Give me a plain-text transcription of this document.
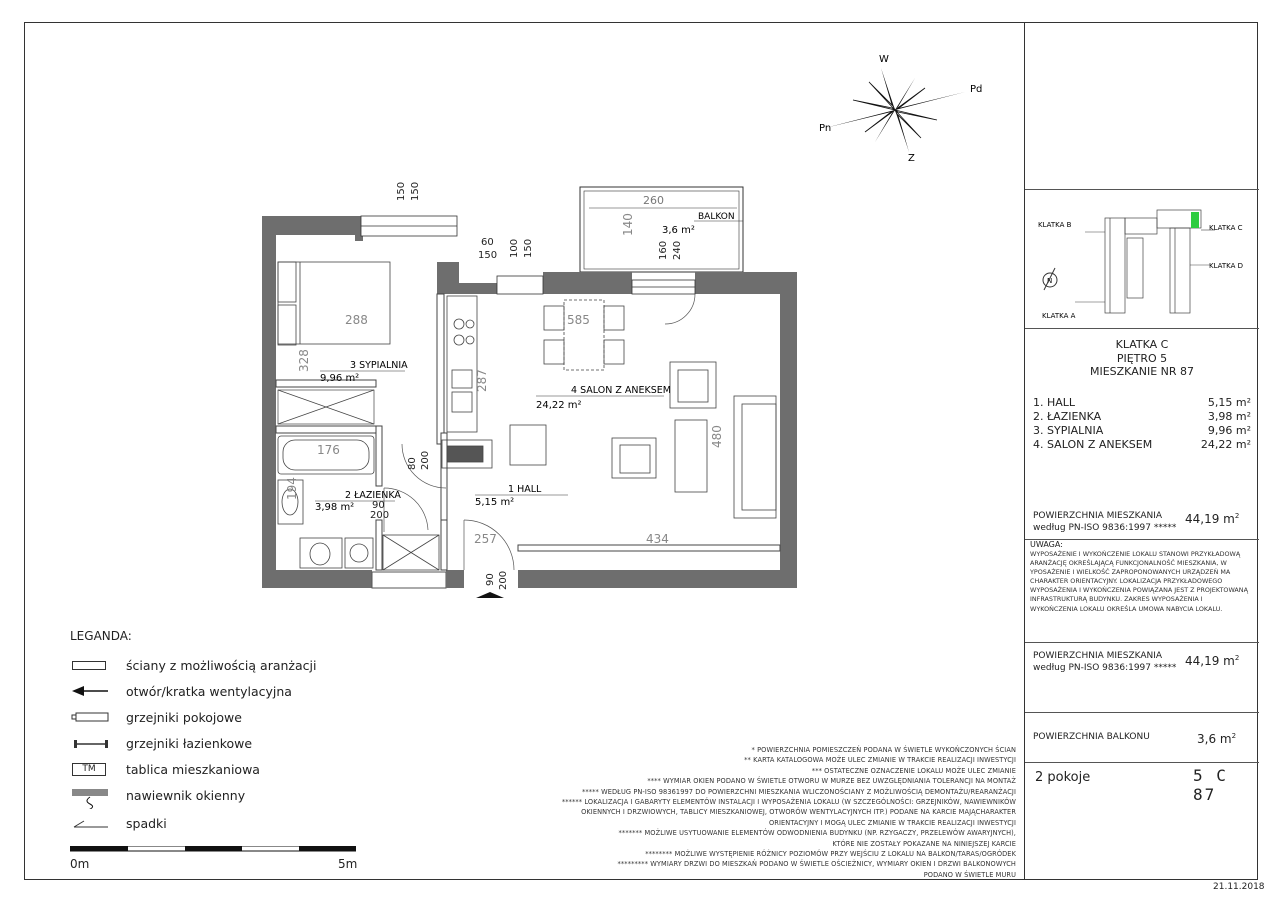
W
Pd
Pn
Z
BALKON
3,6 m²
260
3 SYPIALNIA
9,96 m²
2 ŁAZIENKA
3,98 m²
1 HALL
5,15 m²
4 SALON Z ANEKSEM
24,22 m²
60
150
150 150
100 150	160 240
80 200
90
200
90 200
140
288
328
585
287
480
176
194
257	434
KLATKA B	KLATKA C
KLATKA D
KLATKA A
N
KLATKA C
PIĘTRO 5
MIESZKANIE NR 87
1. HALL	5,15 m²
2. ŁAZIENKA	3,98 m²
3. SYPIALNIA	9,96 m²
4. SALON Z ANEKSEM	24,22 m²
POWIERZCHNIA MIESZKANIA
według PN-ISO 9836:1997 *****
44,19 $m^2$
POWIERZCHNIA MIESZKANIA
według PN-ISO 9836:1997 ***** 44,19 $m^2$
POWIERZCHNIA BALKONU	3,6 $m^2$
2 pokoje	5 C 87
UWAGA:
WYPOSAŻENIE I WYKOŃCZENIE LOKALU STANOWI PRZYKŁADOWĄ ARANŻACJĘ OKREŚLAJĄCĄ FUNKCJONALNOŚĆ MIESZKANIA, W YPOSAŻENIE I WIELKOŚĆ ZAPROPONOWANYCH URZĄDZEŃ MA CHARAKTER ORIENTACYJNY. LOKALIZACJA PRZYKŁADOWEGO WYPOSAŻENIA I WYKOŃCZENIA POWIĄZANA JEST Z PROJEKTOWANĄ INFRASTRUKTURĄ BUDYNKU. ZAKRES WYPOSAŻENIA I WYKOŃCZENIA LOKALU OKREŚLA UMOWA NABYCIA LOKALU.
21.11.2018
LEGANDA:
ściany z możliwością aranżacji
otwór/kratka wentylacyjna
grzejniki pokojowe
grzejniki łazienkowe
TM	tablica mieszkaniowa
nawiewnik okienny
spadki
0m	5m
* POWIERZCHNIA POMIESZCZEŃ PODANA W ŚWIETLE WYKOŃCZONYCH ŚCIAN
** KARTA KATALOGOWA MOŻE ULEC ZMIANIE W TRAKCIE REALIZACJI INWESTYCJI
*** OSTATECZNE OZNACZENIE LOKALU MOŻE ULEC ZMIANIE
**** WYMIAR OKIEN PODANO W ŚWIETLE OTWORU W MURZE BEZ UWZGLĘDNIANIA TOLERANCJI NA MONTAŻ
***** WEDŁUG PN-ISO 98361997 DO POWIERZCHNI MIESZKANIA WLICZONOŚCIANY Z MOŻLIWOŚCIĄ DEMONTAŻU/REARANŻACJI
****** LOKALIZACJA I GABARYTY ELEMENTÓW INSTALACJI I WYPOSAŻENIA LOKALU (W SZCZEGÓLNOŚCI: GRZEJNIKÓW, NAWIEWNIKÓW
OKIENNYCH I DRZWIOWYCH, TABLICY MIESZKANIOWEJ, OTWORÓW WENTYLACYJNYCH ITP.) PODANE NA KARCIE MAJĄCHARAKTER
ORIENTACYJNY I MOGĄ ULEC ZMIANIE W TRAKCIE REALIZACJI INWESTYCJI
******* MOŻLIWE USYTUOWANIE ELEMENTÓW ODWODNIENIA BUDYNKU (NP. RZYGACZY, PRZELEWÓW AWARYJNYCH),
KTÓRE NIE ZOSTAŁY POKAZANE NA NINIEJSZEJ KARCIE
******** MOŻLIWE WYSTĘPIENIE RÓŻNICY POZIOMÓW PRZY WEJŚCIU Z LOKALU NA BALKON/TARAS/OGRÓDEK
********* WYMIARY DRZWI DO MIESZKAŃ PODANO W ŚWIETLE OŚCIEŻNICY, WYMIARY OKIEN I DRZWI BALKONOWYCH
PODANO W ŚWIETLE MURU
